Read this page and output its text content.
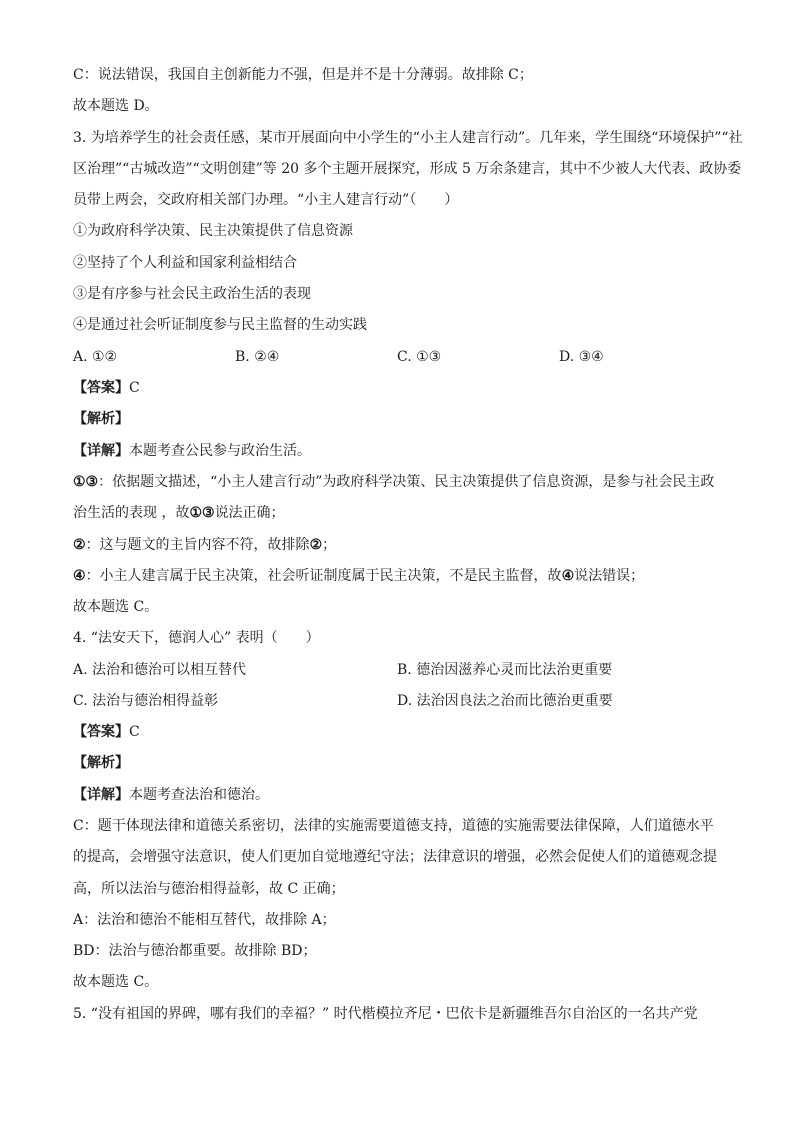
C：说法错误，我国自主创新能力不强，但是并不是十分薄弱。故排除 C；
故本题选 D。
3. 为培养学生的社会责任感，某市开展面向中小学生的“小主人建言行动”。几年来，学生围绕“环境保护”“社
区治理”“古城改造”“文明创建”等 20 多个主题开展探究，形成 5 万余条建言，其中不少被人大代表、政协委
员带上两会，交政府相关部门办理。“小主人建言行动”（　　）
①为政府科学决策、民主决策提供了信息资源
②坚持了个人利益和国家利益相结合
③是有序参与社会民主政治生活的表现
④是通过社会听证制度参与民主监督的生动实践
A. ①②	B. ②④	C. ①③	D. ③④
【答案】C
【解析】
【详解】本题考查公民参与政治生活。
①③：依据题文描述，“小主人建言行动”为政府科学决策、民主决策提供了信息资源，是参与社会民主政
治生活的表现 ，故①③说法正确；
②：这与题文的主旨内容不符，故排除②；
④：小主人建言属于民主决策，社会听证制度属于民主决策，不是民主监督，故④说法错误；
故本题选 C。
4. “法安天下，德润人心” 表明（　　）
A. 法治和德治可以相互替代	B. 德治因滋养心灵而比法治更重要
C. 法治与德治相得益彰	D. 法治因良法之治而比德治更重要
【答案】C
【解析】
【详解】本题考查法治和德治。
C：题干体现法律和道德关系密切，法律的实施需要道德支持，道德的实施需要法律保障，人们道德水平
的提高，会增强守法意识，使人们更加自觉地遵纪守法；法律意识的增强，必然会促使人们的道德观念提
高，所以法治与德治相得益彰，故 C 正确；
A：法治和德治不能相互替代，故排除 A；
BD：法治与德治都重要。故排除 BD；
故本题选 C。
5. “没有祖国的界碑，哪有我们的幸福？” 时代楷模拉齐尼・巴依卡是新疆维吾尔自治区的一名共产党
